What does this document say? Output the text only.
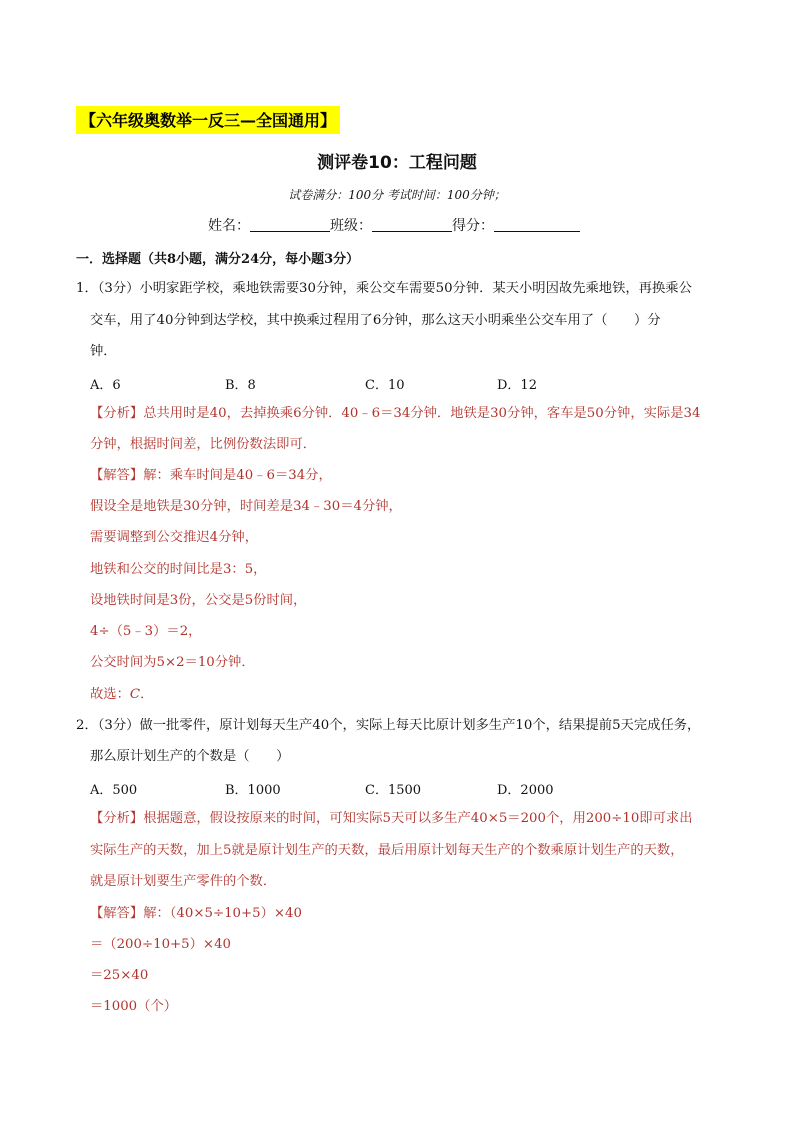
【六年级奥数举一反三—全国通用】
测评卷10：工程问题
试卷满分：100分 考试时间：100分钟；
姓名：	班级：	得分：
一．选择题（共8小题，满分24分，每小题3分）
1．（3分）小明家距学校，乘地铁需要30分钟，乘公交车需要50分钟．某天小明因故先乘地铁，再换乘公
交车，用了40分钟到达学校，其中换乘过程用了6分钟，那么这天小明乘坐公交车用了（　　）分
钟．
A．6	B．8	C．10	D．12
【分析】总共用时是40，去掉换乘6分钟．40﹣6＝34分钟．地铁是30分钟，客车是50分钟，实际是34
分钟，根据时间差，比例份数法即可．
【解答】解：乘车时间是40﹣6＝34分，
假设全是地铁是30分钟，时间差是34﹣30＝4分钟，
需要调整到公交推迟4分钟，
地铁和公交的时间比是3：5，
设地铁时间是3份，公交是5份时间，
4÷（5﹣3）＝2，
公交时间为5×2＝10分钟．
故选：C．
2．（3分）做一批零件，原计划每天生产40个，实际上每天比原计划多生产10个，结果提前5天完成任务，
那么原计划生产的个数是（　　）
A．500	B．1000	C．1500	D．2000
【分析】根据题意，假设按原来的时间，可知实际5天可以多生产40×5＝200个，用200÷10即可求出
实际生产的天数，加上5就是原计划生产的天数，最后用原计划每天生产的个数乘原计划生产的天数，
就是原计划要生产零件的个数．
【解答】解：（40×5÷10+5）×40
＝（200÷10+5）×40
＝25×40
＝1000（个）
